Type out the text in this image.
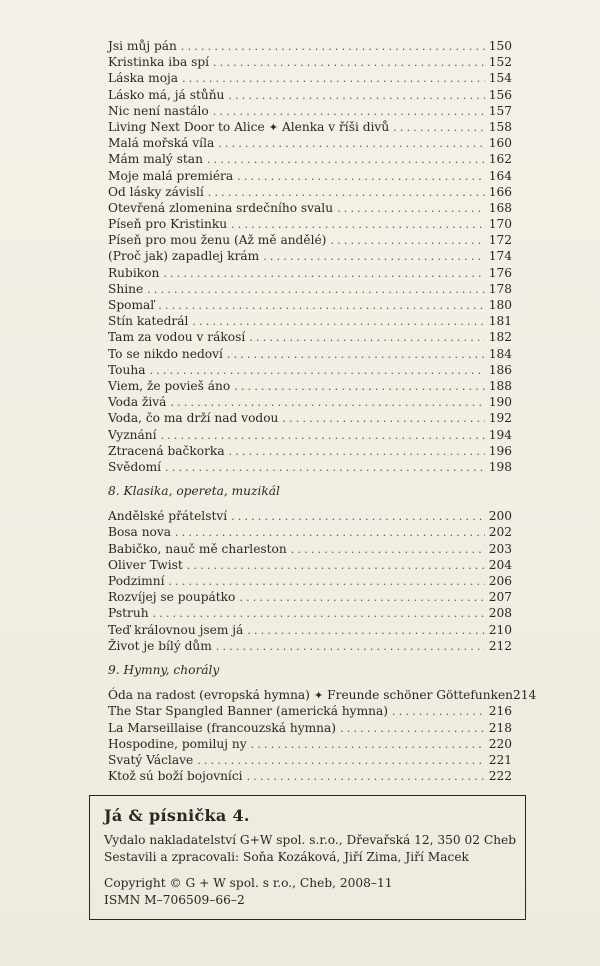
Jsi můj pán .....	150
Kristinka iba spí .....	152
Láska moja .....	154
Lásko má, já stůňu .....	156
Nic není nastálo .....	157
Living Next Door to Alice ✦ Alenka v říši divů .....	158
Malá mořská víla .....	160
Mám malý stan .....	162
Moje malá premiéra .....	164
Od lásky závislí .....	166
Otevřená zlomenina srdečního svalu .....	168
Píseň pro Kristinku .....	170
Píseň pro mou ženu (Až mě andělé) .....	172
(Proč jak) zapadlej krám .....	174
Rubikon .....	176
Shine .....	178
Spomaľ .....	180
Stín katedrál .....	181
Tam za vodou v rákosí .....	182
To se nikdo nedoví .....	184
Touha .....	186
Viem, že povieš áno .....	188
Voda živá .....	190
Voda, čo ma drží nad vodou .....	192
Vyznání .....	194
Ztracená bačkorka .....	196
Svědomí .....	198
8. Klasika, opereta, muzikál
Andělské přátelství .....	200
Bosa nova .....	202
Babičko, nauč mě charleston .....	203
Oliver Twist .....	204
Podzimní .....	206
Rozvíjej se poupátko .....	207
Pstruh .....	208
Teď královnou jsem já .....	210
Život je bílý dům .....	212
9. Hymny, chorály
Óda na radost (evropská hymna) ✦ Freunde schöner Göttefunken 214
The Star Spangled Banner (americká hymna) .....	216
La Marseillaise (francouzská hymna) .....	218
Hospodine, pomiluj ny .....	220
Svatý Václave .....	221
Ktož sú boží bojovníci .....	222
Já & písnička 4.
Vydalo nakladatelství G+W spol. s.r.o., Dřevařská 12, 350 02 Cheb
Sestavili a zpracovali: Soňa Kozáková, Jiří Zima, Jiří Macek
Copyright © G + W spol. s r.o., Cheb, 2008–11
ISMN M–706509–66–2
